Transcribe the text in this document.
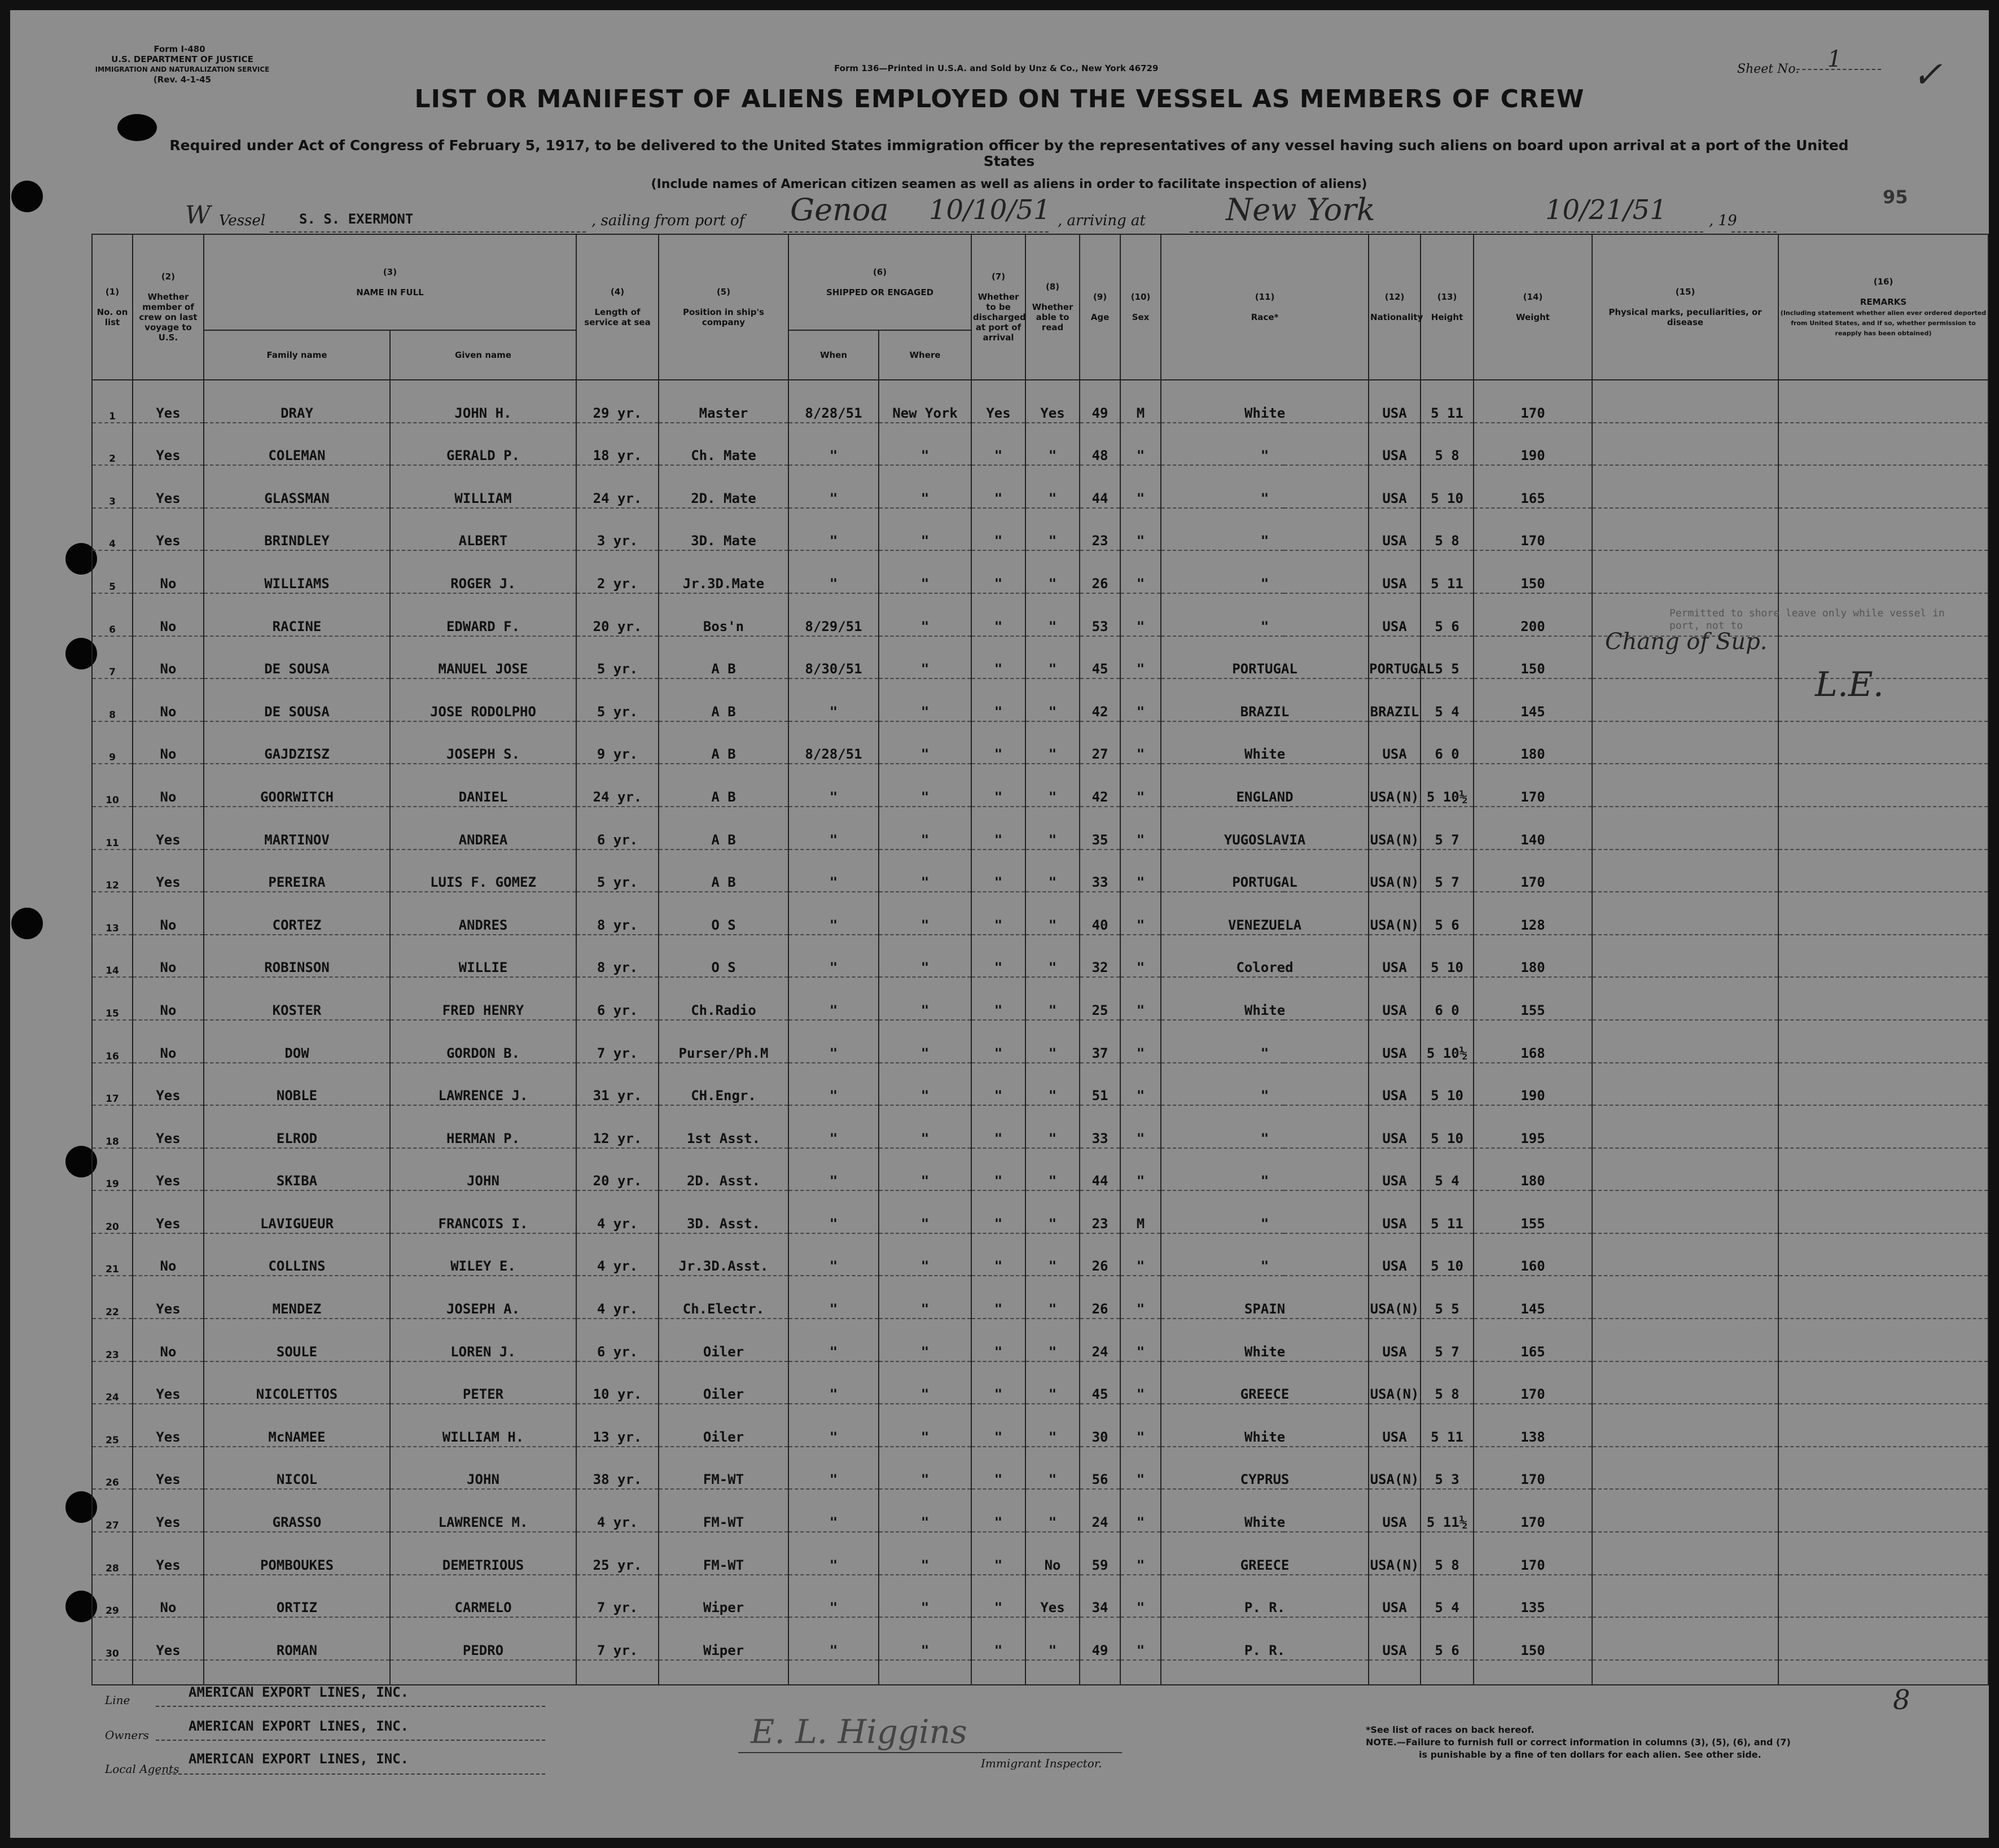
Form I-480
U.S. DEPARTMENT OF JUSTICE
IMMIGRATION AND NATURALIZATION SERVICE
(Rev. 4-1-45
Form 136—Printed in U.S.A. and Sold by Unz & Co., New York 46729	Sheet No. 1 ✓
LIST OR MANIFEST OF ALIENS EMPLOYED ON THE VESSEL AS MEMBERS OF CREW
Required under Act of Congress of February 5, 1917, to be delivered to the United States immigration officer by the representatives of any vessel having such aliens on board upon arrival at a port of the United States
(Include names of American citizen seamen as well as aliens in order to facilitate inspection of aliens)
95
W Vessel S. S. EXERMONT	, sailing from port of Genoa 10/10/51 , arriving at	New York	10/21/51	, 19
(1)

No. on list	(2)

Whether member of crew on last voyage to U.S.	(3)

NAME IN FULL		(4)

Length of service at sea	(5)

Position in ship's company	(6)

SHIPPED OR ENGAGED		(7)

Whether to be discharged at port of arrival	(8)

Whether able to read	(9)

Age	(10)

Sex	(11)

Race*	(12)

Nationality	(13)

Height	(14)

Weight	(15)

Physical marks, peculiarities, or disease	(16)

REMARKS
(Including statement whether alien ever ordered deported from United States, and if so, whether permission to reapply has been obtained)	

		Family name	Given name			When	Where											
1	Yes	DRAY	JOHN H.	29 yr.	Master	8/28/51	New York	Yes	Yes	49	M	White	USA	5 11	170			
2	Yes	COLEMAN	GERALD P.	18 yr.	Ch. Mate	"	"	"	"	48	"	"	USA	5 8	190			
3	Yes	GLASSMAN	WILLIAM	24 yr.	2D. Mate	"	"	"	"	44	"	"	USA	5 10	165			
4	Yes	BRINDLEY	ALBERT	3 yr.	3D. Mate	"	"	"	"	23	"	"	USA	5 8	170			
5	No	WILLIAMS	ROGER J.	2 yr.	Jr.3D.Mate	"	"	"	"	26	"	"	USA	5 11	150			
6	No	RACINE	EDWARD F.	20 yr.	Bos'n	8/29/51	"	"	"	53	"	"	USA	5 6	200			
7	No	DE SOUSA	MANUEL JOSE	5 yr.	A B	8/30/51	"	"	"	45	"	PORTUGAL	PORTUGAL	5 5	150			
8	No	DE SOUSA	JOSE RODOLPHO	5 yr.	A B	"	"	"	"	42	"	BRAZIL	BRAZIL	5 4	145			
9	No	GAJDZISZ	JOSEPH S.	9 yr.	A B	8/28/51	"	"	"	27	"	White	USA	6 0	180			
10	No	GOORWITCH	DANIEL	24 yr.	A B	"	"	"	"	42	"	ENGLAND	USA(N)	5 10½	170			
11	Yes	MARTINOV	ANDREA	6 yr.	A B	"	"	"	"	35	"	YUGOSLAVIA	USA(N)	5 7	140			
12	Yes	PEREIRA	LUIS F. GOMEZ	5 yr.	A B	"	"	"	"	33	"	PORTUGAL	USA(N)	5 7	170			
13	No	CORTEZ	ANDRES	8 yr.	O S	"	"	"	"	40	"	VENEZUELA	USA(N)	5 6	128			
14	No	ROBINSON	WILLIE	8 yr.	O S	"	"	"	"	32	"	Colored	USA	5 10	180			
15	No	KOSTER	FRED HENRY	6 yr.	Ch.Radio	"	"	"	"	25	"	White	USA	6 0	155			
16	No	DOW	GORDON B.	7 yr.	Purser/Ph.M	"	"	"	"	37	"	"	USA	5 10½	168			
17	Yes	NOBLE	LAWRENCE J.	31 yr.	CH.Engr.	"	"	"	"	51	"	"	USA	5 10	190			
18	Yes	ELROD	HERMAN P.	12 yr.	1st Asst.	"	"	"	"	33	"	"	USA	5 10	195			
19	Yes	SKIBA	JOHN	20 yr.	2D. Asst.	"	"	"	"	44	"	"	USA	5 4	180			
20	Yes	LAVIGUEUR	FRANCOIS I.	4 yr.	3D. Asst.	"	"	"	"	23	M	"	USA	5 11	155			
21	No	COLLINS	WILEY E.	4 yr.	Jr.3D.Asst.	"	"	"	"	26	"	"	USA	5 10	160			
22	Yes	MENDEZ	JOSEPH A.	4 yr.	Ch.Electr.	"	"	"	"	26	"	SPAIN	USA(N)	5 5	145			
23	No	SOULE	LOREN J.	6 yr.	Oiler	"	"	"	"	24	"	White	USA	5 7	165			
24	Yes	NICOLETTOS	PETER	10 yr.	Oiler	"	"	"	"	45	"	GREECE	USA(N)	5 8	170			
25	Yes	McNAMEE	WILLIAM H.	13 yr.	Oiler	"	"	"	"	30	"	White	USA	5 11	138			
26	Yes	NICOL	JOHN	38 yr.	FM-WT	"	"	"	"	56	"	CYPRUS	USA(N)	5 3	170			
27	Yes	GRASSO	LAWRENCE M.	4 yr.	FM-WT	"	"	"	"	24	"	White	USA	5 11½	170			
28	Yes	POMBOUKES	DEMETRIOUS	25 yr.	FM-WT	"	"	"	No	59	"	GREECE	USA(N)	5 8	170			
29	No	ORTIZ	CARMELO	7 yr.	Wiper	"	"	"	Yes	34	"	P. R.	USA	5 4	135			
30	Yes	ROMAN	PEDRO	7 yr.	Wiper	"	"	"	"	49	"	P. R.	USA	5 6	150			

Permitted to shore leave only while vessel in port, not to
Chang of Sup.
L.E.
Line	AMERICAN EXPORT LINES, INC.
Owners
AMERICAN EXPORT LINES, INC.
Local Agents
AMERICAN EXPORT LINES, INC.
E. L. Higgins
Immigrant Inspector.
*See list of races on back hereof.
NOTE.—Failure to furnish full or correct information in columns (3), (5), (6), and (7)
is punishable by a fine of ten dollars for each alien. See other side.
8
